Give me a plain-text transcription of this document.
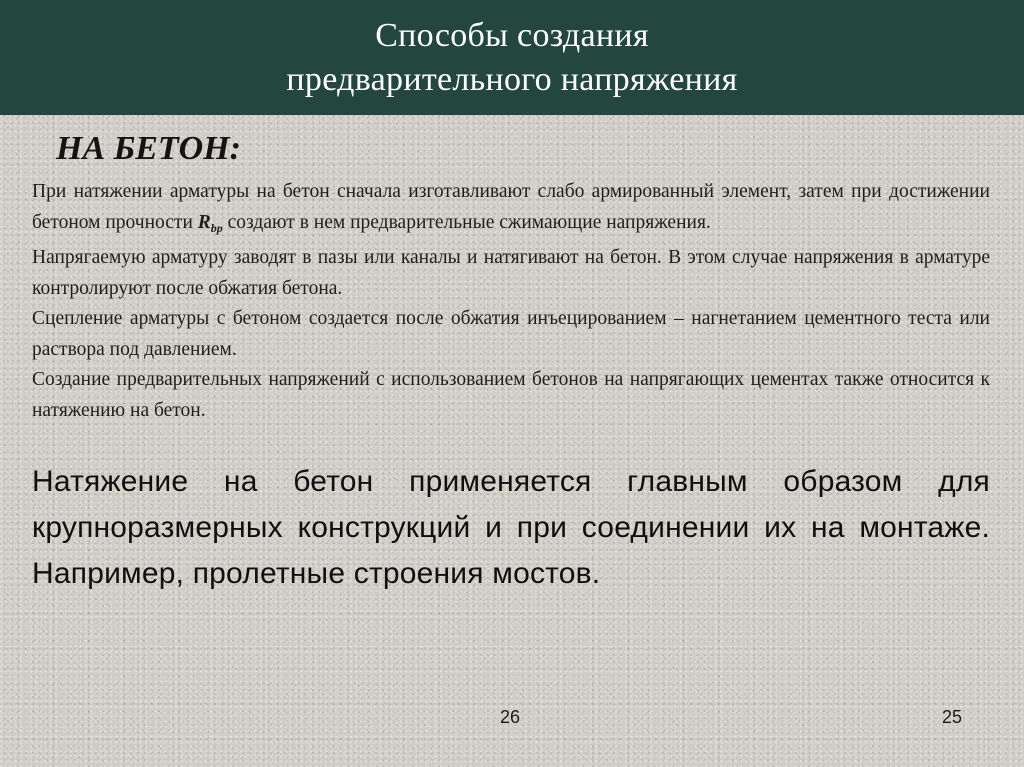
Способы создания
предварительного напряжения
НА БЕТОН:

При натяжении арматуры на бетон сначала изготавливают слабо армированный элемент, затем при достижении бетоном прочности $R_{bp}$ создают в нем предварительные сжимающие напряжения.

Напрягаемую арматуру заводят в пазы или каналы и натягивают на бетон. В этом случае напряжения в арматуре контролируют после обжатия бетона.

Сцепление арматуры с бетоном создается после обжатия инъецированием – нагнетанием цементного теста или раствора под давлением.

Создание предварительных напряжений с использованием бетонов на напрягающих цементах также относится к натяжению на бетон.

Натяжение на бетон применяется главным образом для крупноразмерных конструкций и при соединении их на монтаже. Например, пролетные строения мостов.

26	25
